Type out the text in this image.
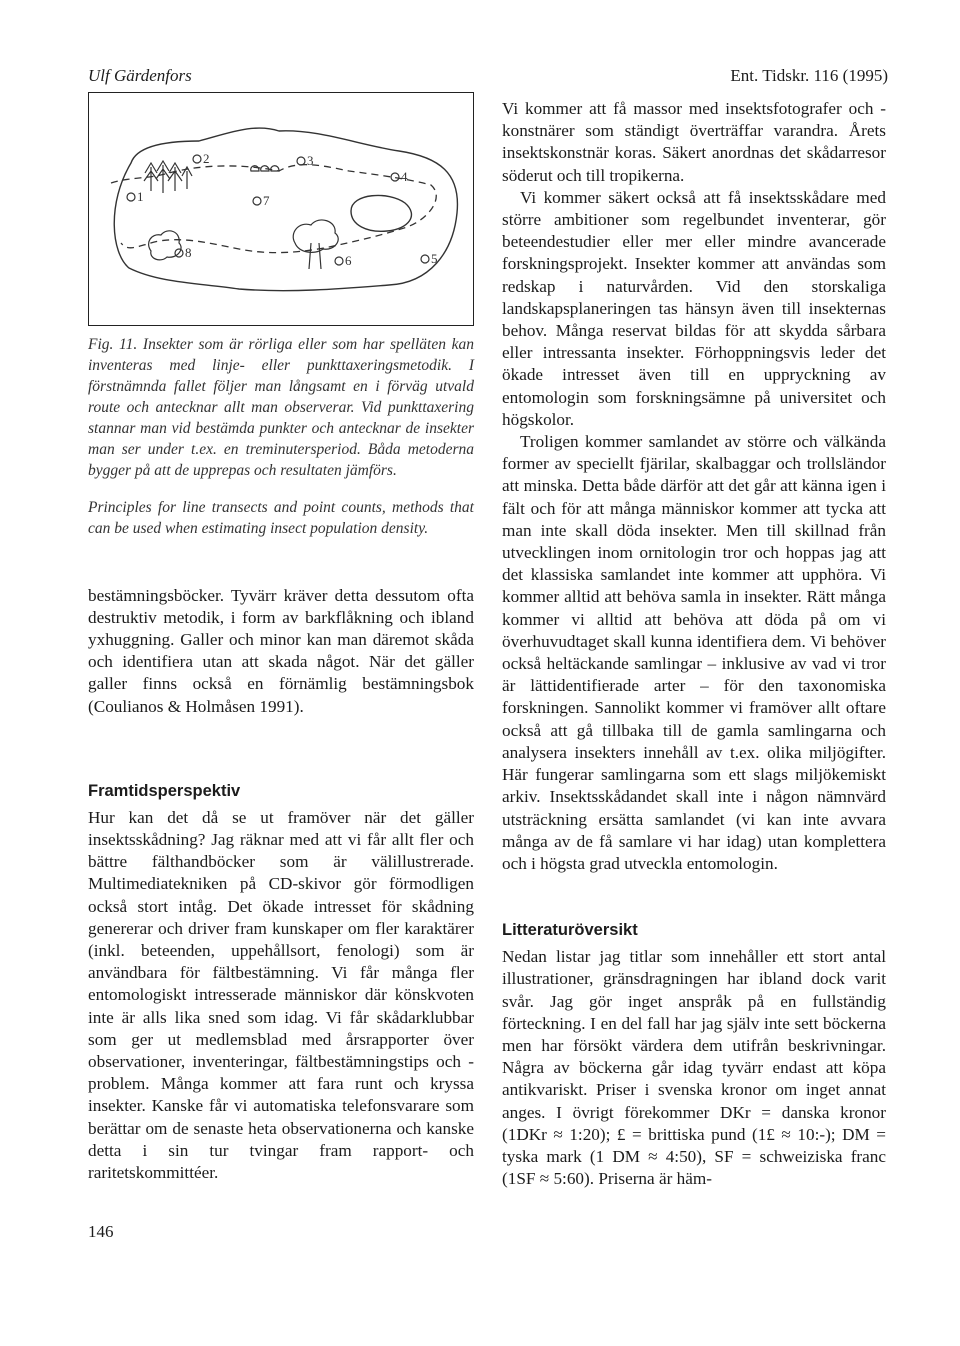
Ulf Gärdenfors	Ent. Tidskr. 116 (1995)
2
1
3
4
7
8
6	5

Fig. 11. Insekter som är rörliga eller som har spelläten kan inventeras med linje- eller punkttaxeringsmetodik. I förstnämnda fallet följer man långsamt en i förväg utvald route och antecknar allt man observerar. Vid punkttaxering stannar man vid bestämda punkter och antecknar de insekter man ser under t.ex. en treminutersperiod. Båda metoderna bygger på att de upprepas och resultaten jämförs.

Principles for line transects and point counts, methods that can be used when estimating insect population density.

bestämningsböcker. Tyvärr kräver detta dessutom ofta destruktiv metodik, i form av barkflåkning och ibland yxhuggning. Galler och minor kan man däremot skåda och identifiera utan att skada något. När det gäller galler finns också en förnämlig bestämningsbok (Coulianos & Holmåsen 1991).

Framtidsperspektiv

Hur kan det då se ut framöver när det gäller insektsskådning? Jag räknar med att vi får allt fler och bättre fälthandböcker som är välillustrerade. Multimediatekniken på CD-skivor gör förmodligen också stort intåg. Det ökade intresset för skådning genererar och driver fram kunskaper om fler karaktärer (inkl. beteenden, uppehållsort, fenologi) som är användbara för fältbestämning. Vi får många fler entomologiskt intresserade människor där könskvoten inte är alls lika sned som idag. Vi får skådarklubbar som ger ut medlemsblad med årsrapporter över observationer, inventeringar, fältbestämningstips och -problem. Många kommer att fara runt och kryssa insekter. Kanske får vi automatiska telefonsvarare som berättar om de senaste heta observationerna och kanske detta i sin tur tvingar fram rapport- och raritetskommittéer.

Vi kommer att få massor med insektsfotografer och -konstnärer som ständigt överträffar varandra. Årets insektskonstnär koras. Säkert anordnas det skådarresor söderut och till tropikerna.

Vi kommer säkert också att få insektsskådare med större ambitioner som regelbundet inventerar, gör beteendestudier eller mer eller mindre avancerade forskningsprojekt. Insekter kommer att användas som redskap i naturvården. Vid den storskaliga landskapsplaneringen tas hänsyn även till insekternas behov. Många reservat bildas för att skydda sårbara eller intressanta insekter. Förhoppningsvis leder det ökade intresset även till en uppryckning av entomologin som forskningsämne på universitet och högskolor.

Troligen kommer samlandet av större och välkända former av speciellt fjärilar, skalbaggar och trollsländor att minska. Detta både därför att det går att känna igen i fält och för att många människor kommer att tycka att man inte skall döda insekter. Men till skillnad från utvecklingen inom ornitologin tror och hoppas jag att det klassiska samlandet inte kommer att upphöra. Vi kommer alltid att behöva samla in insekter. Rätt många kommer vi alltid att behöva att döda på om vi överhuvudtaget skall kunna identifiera dem. Vi behöver också heltäckande samlingar – inklusive av vad vi tror är lättidentifierade arter – för den taxonomiska forskningen. Sannolikt kommer vi framöver allt oftare också att gå tillbaka till de gamla samlingarna och analysera insekters innehåll av t.ex. olika miljögifter. Här fungerar samlingarna som ett slags miljökemiskt arkiv. Insektsskådandet skall inte i någon nämnvärd utsträckning ersätta samlandet (vi kan inte avvara många av de få samlare vi har idag) utan komplettera och i högsta grad utveckla entomologin.

Litteraturöversikt

Nedan listar jag titlar som innehåller ett stort antal illustrationer, gränsdragningen har ibland dock varit svår. Jag gör inget anspråk på en fullständig förteckning. I en del fall har jag själv inte sett böckerna men har försökt värdera dem utifrån beskrivningar. Några av böckerna går idag tyvärr endast att köpa antikvariskt. Priser i svenska kronor om inget annat anges. I övrigt förekommer DKr = danska kronor (1DKr ≈ 1:20); £ = brittiska pund (1£ ≈ 10:-); DM = tyska mark (1 DM ≈ 4:50), SF = schweiziska franc (1SF ≈ 5:60). Priserna är häm-

146
